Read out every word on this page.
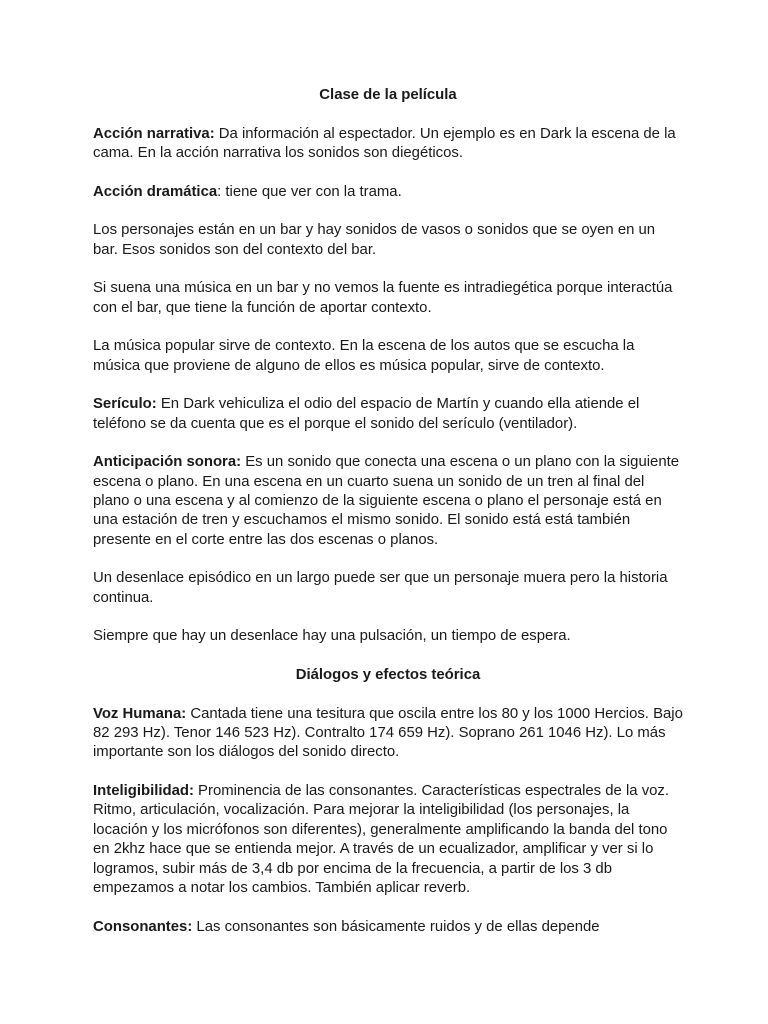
Clase de la película

Acción narrativa: Da información al espectador. Un ejemplo es en Dark la escena de la cama. En la acción narrativa los sonidos son diegéticos.

Acción dramática: tiene que ver con la trama.

Los personajes están en un bar y hay sonidos de vasos o sonidos que se oyen en un bar. Esos sonidos son del contexto del bar.

Si suena una música en un bar y no vemos la fuente es intradiegética porque interactúa con el bar, que tiene la función de aportar contexto.

La música popular sirve de contexto. En la escena de los autos que se escucha la música que proviene de alguno de ellos es música popular, sirve de contexto.

Serículo: En Dark vehiculiza el odio del espacio de Martín y cuando ella atiende el teléfono se da cuenta que es el porque el sonido del serículo (ventilador).

Anticipación sonora: Es un sonido que conecta una escena o un plano con la siguiente escena o plano. En una escena en un cuarto suena un sonido de un tren al final del plano o una escena y al comienzo de la siguiente escena o plano el personaje está en una estación de tren y escuchamos el mismo sonido. El sonido está está también presente en el corte entre las dos escenas o planos.

Un desenlace episódico en un largo puede ser que un personaje muera pero la historia continua.

Siempre que hay un desenlace hay una pulsación, un tiempo de espera.

Diálogos y efectos teórica

Voz Humana: Cantada tiene una tesitura que oscila entre los 80 y los 1000 Hercios. Bajo 82 293 Hz). Tenor 146 523 Hz). Contralto 174 659 Hz). Soprano 261 1046 Hz). Lo más importante son los diálogos del sonido directo.

Inteligibilidad: Prominencia de las consonantes. Características espectrales de la voz. Ritmo, articulación, vocalización. Para mejorar la inteligibilidad (los personajes, la locación y los micrófonos son diferentes), generalmente amplificando la banda del tono en 2khz hace que se entienda mejor. A través de un ecualizador, amplificar y ver si lo logramos, subir más de 3,4 db por encima de la frecuencia, a partir de los 3 db empezamos a notar los cambios. También aplicar reverb.

Consonantes: Las consonantes son básicamente ruidos y de ellas depende
